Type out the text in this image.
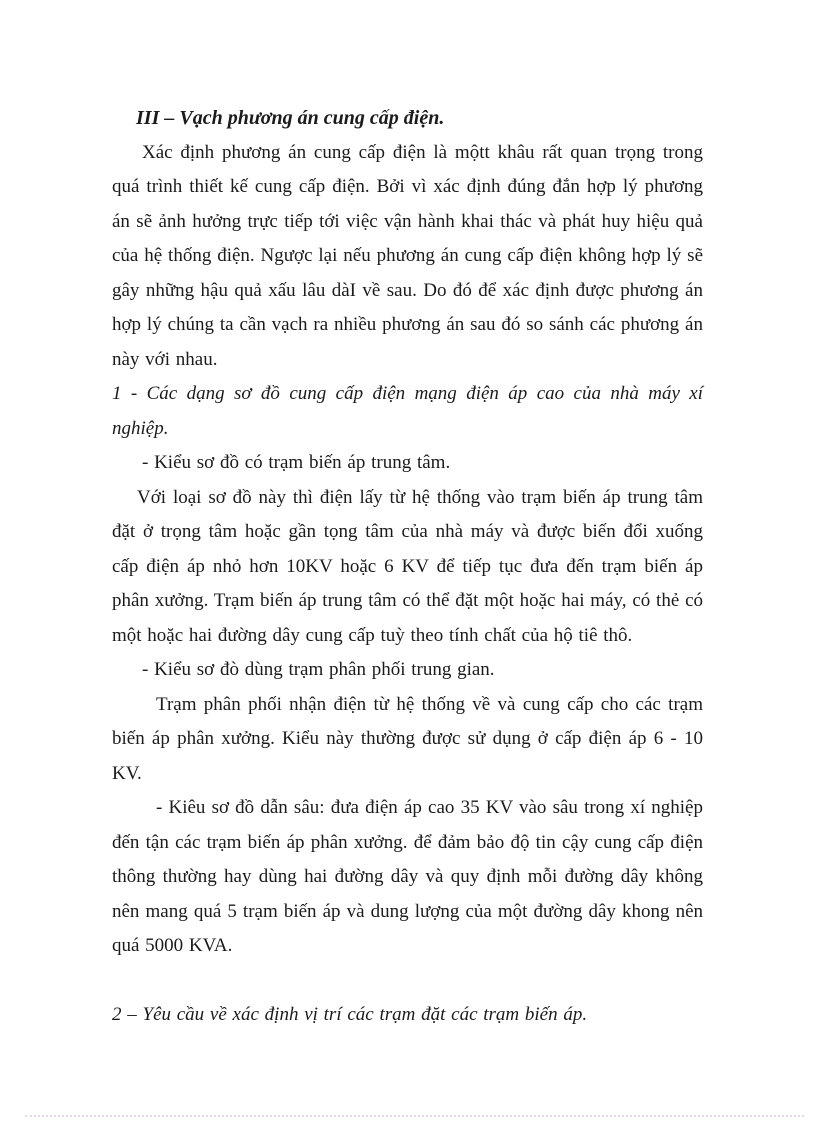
III – Vạch phương án cung cấp điện.

Xác định phương án cung cấp điện là mộtt khâu rất quan trọng trong quá trình thiết kế cung cấp điện. Bởi vì xác định đúng đắn hợp lý phương án sẽ ảnh hưởng trực tiếp tới việc vận hành khai thác và phát huy hiệu quả của hệ thống điện. Ngược lại nếu phương án cung cấp điện không hợp lý sẽ gây những hậu quả xấu lâu dàI về sau. Do đó để xác định được phương án hợp lý chúng ta cần vạch ra nhiều phương án sau đó so sánh các phương án này với nhau.

1 - Các dạng sơ đồ cung cấp điện mạng điện áp cao của nhà máy xí nghiệp.

- Kiểu sơ đồ có trạm biến áp trung tâm.

Với loại sơ đồ này thì điện lấy từ hệ thống vào trạm biến áp trung tâm đặt ở trọng tâm hoặc gần tọng tâm của nhà máy và được biến đổi xuống cấp điện áp nhỏ hơn 10KV hoặc 6 KV để tiếp tục đưa đến trạm biến áp phân xưởng. Trạm biến áp trung tâm có thể đặt một hoặc hai máy, có thẻ có một hoặc hai đường dây cung cấp tuỳ theo tính chất của hộ tiê thô.

- Kiểu sơ đò dùng trạm phân phối trung gian.

Trạm phân phối nhận điện từ hệ thống về và cung cấp cho các trạm biến áp phân xưởng. Kiểu này thường được sử dụng ở cấp điện áp 6 - 10 KV.

- Kiêu sơ đồ dẫn sâu: đưa điện áp cao 35 KV vào sâu trong xí nghiệp đến tận các trạm biến áp phân xưởng. để đảm bảo độ tin cậy cung cấp điện thông thường hay dùng hai đường dây và quy định mỗi đường dây không nên mang quá 5 trạm biến áp và dung lượng của một đường dây khong nên quá 5000 KVA.

2 – Yêu cầu về xác định vị trí các trạm đặt các trạm biến áp.
